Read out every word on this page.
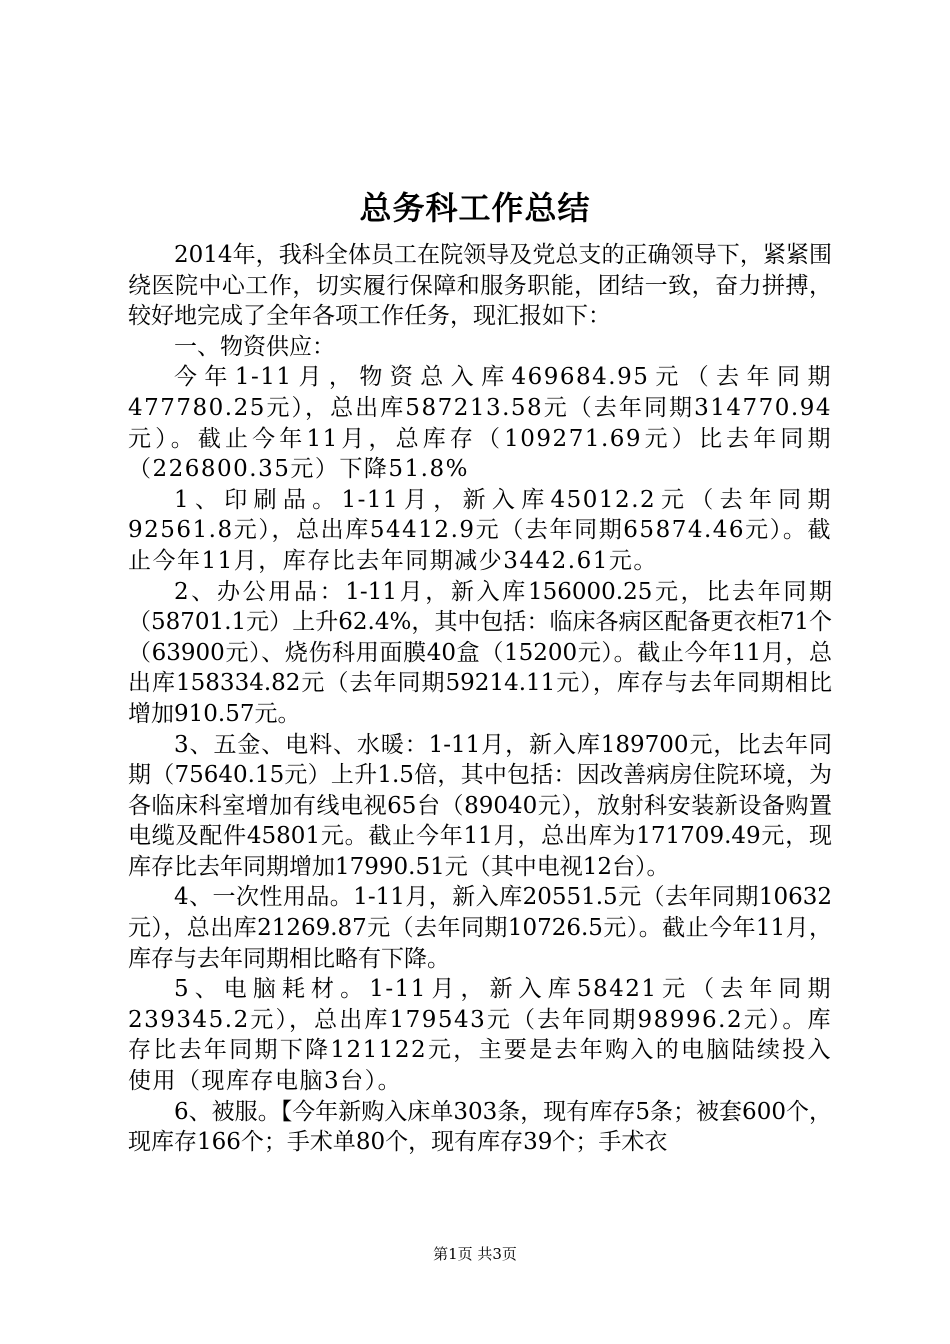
总务科工作总结

2014年，我科全体员工在院领导及党总支的正确领导下，紧紧围绕医院中心工作，切实履行保障和服务职能，团结一致，奋力拼搏，较好地完成了全年各项工作任务，现汇报如下：

一、物资供应：

今年1-11月，物资总入库469684.95元（去年同期477780.25元），总出库587213.58元（去年同期314770.94元）。截止今年11月，总库存（109271.69元）比去年同期（226800.35元）下降51.8%

1、印刷品。1-11月，新入库45012.2元（去年同期92561.8元），总出库54412.9元（去年同期65874.46元）。截止今年11月，库存比去年同期减少3442.61元。

2、办公用品：1-11月，新入库156000.25元，比去年同期（58701.1元）上升62.4%，其中包括：临床各病区配备更衣柜71个（63900元）、烧伤科用面膜40盒（15200元）。截止今年11月，总出库158334.82元（去年同期59214.11元），库存与去年同期相比增加910.57元。

3、五金、电料、水暖：1-11月，新入库189700元，比去年同期（75640.15元）上升1.5倍，其中包括：因改善病房住院环境，为各临床科室增加有线电视65台（89040元），放射科安装新设备购置电缆及配件45801元。截止今年11月，总出库为171709.49元，现库存比去年同期增加17990.51元（其中电视12台）。

4、一次性用品。1-11月，新入库20551.5元（去年同期10632元），总出库21269.87元（去年同期10726.5元）。截止今年11月，库存与去年同期相比略有下降。

5、电脑耗材。1-11月，新入库58421元（去年同期239345.2元），总出库179543元（去年同期98996.2元）。库存比去年同期下降121122元，主要是去年购入的电脑陆续投入使用（现库存电脑3台）。

6、被服。【今年新购入床单303条，现有库存5条；被套600个，现库存166个；手术单80个，现有库存39个；手术衣

第1页 共3页
